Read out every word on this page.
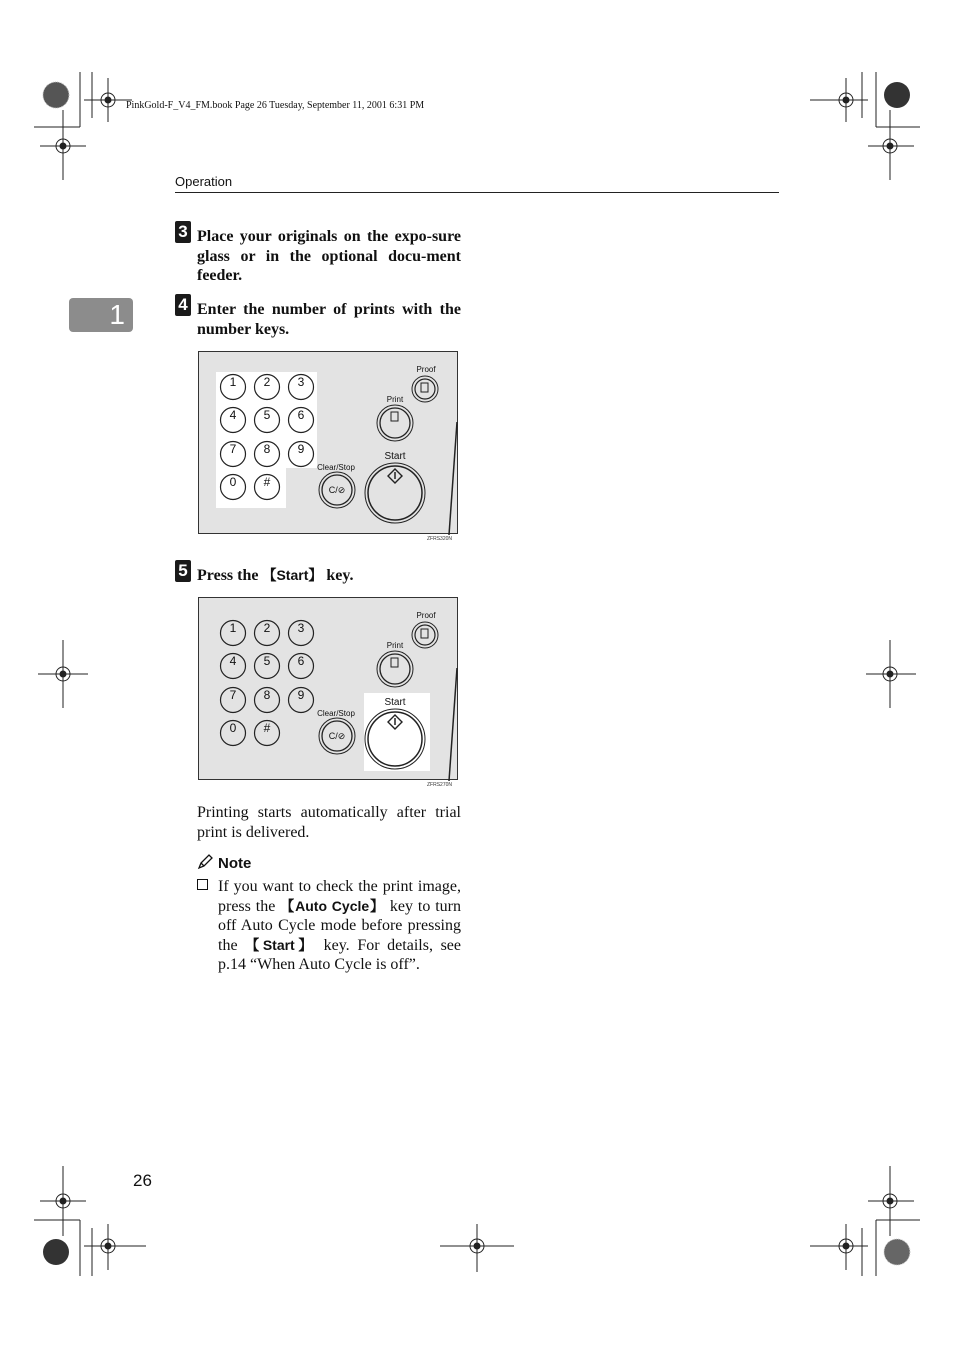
PinkGold-F_V4_FM.book Page 26 Tuesday, September 11, 2001 6:31 PM
Operation
1
3 Place your originals on the expo-sure glass or in the optional docu-ment feeder.
4 Enter the number of prints with the number keys.
1 2 3
4 5 6
7 8 9
0 #
Proof
Print
Clear/Stop
C/⊘
Start
ZFRS320N
5 Press the 【Start】 key.
1 2 3
4 5 6
7 8 9
0 #
Proof
Print
Clear/Stop
C/⊘
Start
ZFRS270N
Printing starts automatically after trial print is delivered.
Note
If you want to check the print image, press the 【Auto Cycle】 key to turn off Auto Cycle mode before pressing the 【Start】 key. For details, see p.14 “When Auto Cycle is off”.
26
